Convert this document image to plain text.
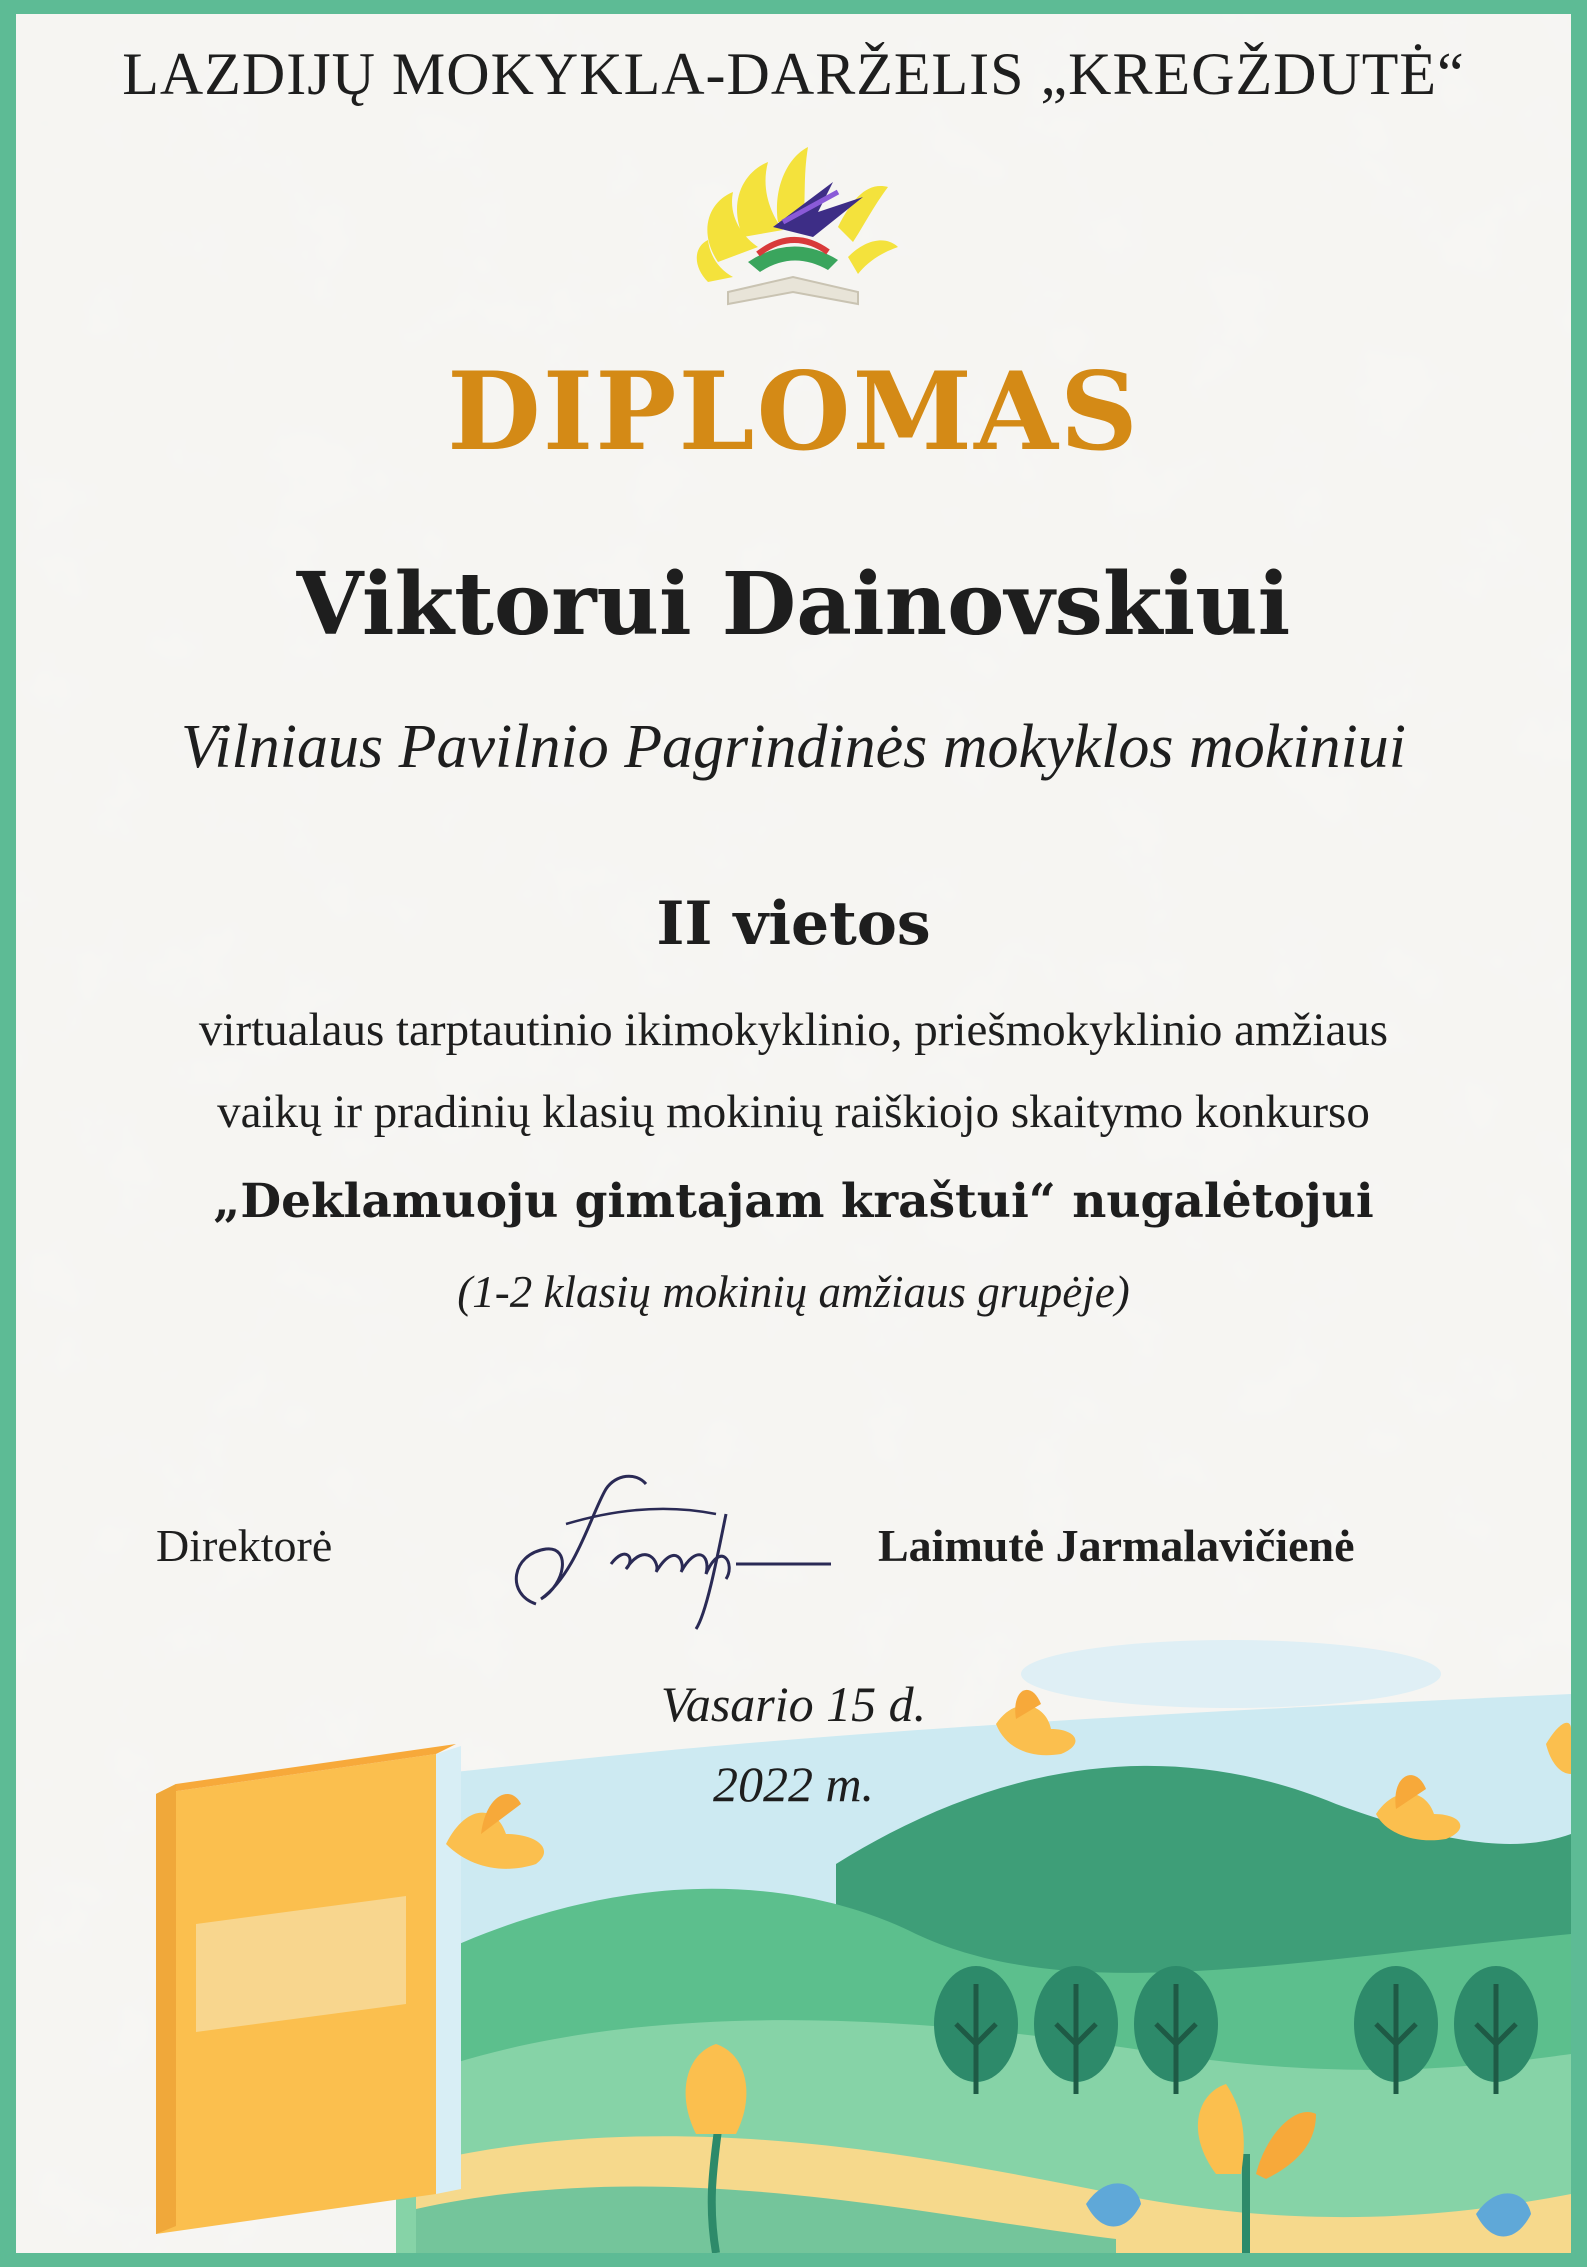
LAZDIJŲ MOKYKLA-DARŽELIS „KREGŽDUTĖ“
DIPLOMAS
Viktorui Dainovskiui
Vilniaus Pavilnio Pagrindinės mokyklos mokiniui
II vietos
virtualaus tarptautinio ikimokyklinio, priešmokyklinio amžiaus
vaikų ir pradinių klasių mokinių raiškiojo skaitymo konkurso
„Deklamuoju gimtajam kraštui“ nugalėtojui
(1-2 klasių mokinių amžiaus grupėje)
Direktorė	Laimutė Jarmalavičienė
Vasario 15 d.
2022 m.
